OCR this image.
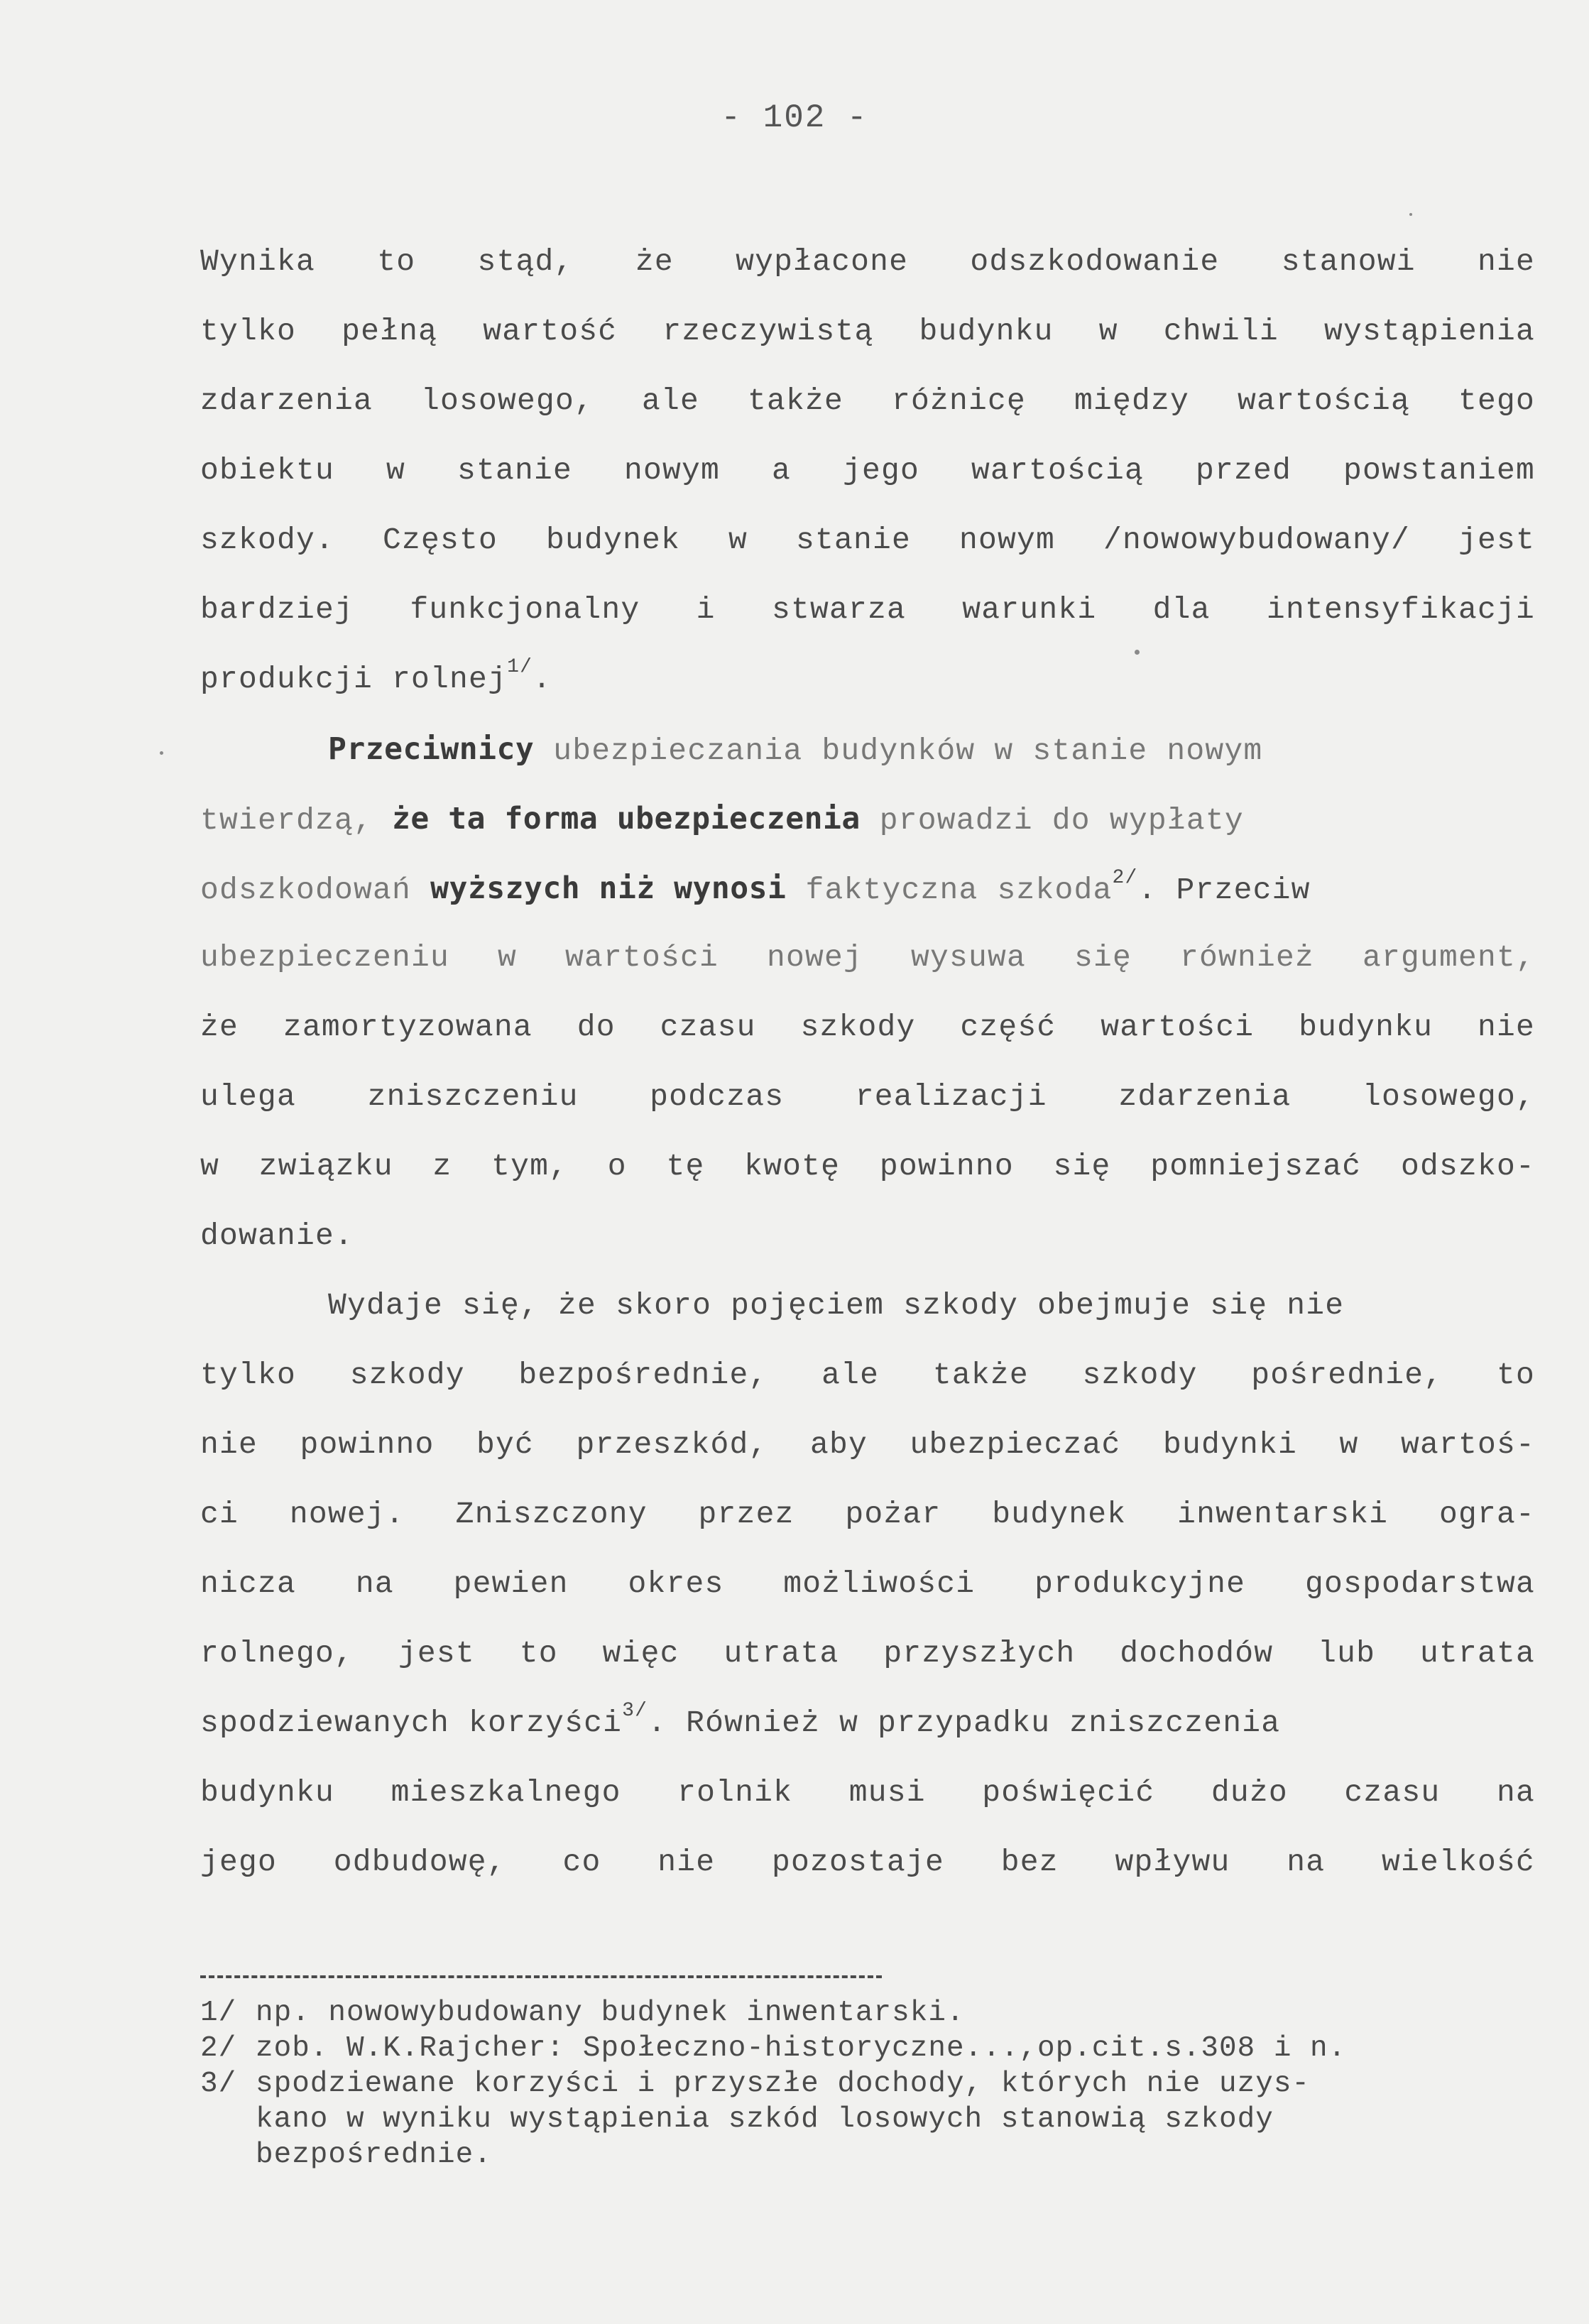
- 102 -

Wynika to stąd, że wypłacone odszkodowanie stanowi nie

tylko pełną wartość rzeczywistą budynku w chwili wystąpienia

zdarzenia losowego, ale także różnicę między wartością tego

obiektu w stanie nowym a jego wartością przed powstaniem

szkody. Często budynek w stanie nowym /nowowybudowany/ jest

bardziej funkcjonalny i stwarza warunki dla intensyfikacji

produkcji rolnej$^{1/}$.

Przeciwnicy ubezpieczania budynków w stanie nowym

twierdzą, że ta forma ubezpieczenia prowadzi do wypłaty

odszkodowań wyższych niż wynosi faktyczna szkoda$^{2/}$. Przeciw

ubezpieczeniu w wartości nowej wysuwa się również argument,

że zamortyzowana do czasu szkody część wartości budynku nie

ulega zniszczeniu podczas realizacji zdarzenia losowego,

w związku z tym, o tę kwotę powinno się pomniejszać odszko-

dowanie.

Wydaje się, że skoro pojęciem szkody obejmuje się nie

tylko szkody bezpośrednie, ale także szkody pośrednie, to

nie powinno być przeszkód, aby ubezpieczać budynki w wartoś-

ci nowej. Zniszczony przez pożar budynek inwentarski ogra-

nicza na pewien okres możliwości produkcyjne gospodarstwa

rolnego, jest to więc utrata przyszłych dochodów lub utrata

spodziewanych korzyści$^{3/}$. Również w przypadku zniszczenia

budynku mieszkalnego rolnik musi poświęcić dużo czasu na

jego odbudowę, co nie pozostaje bez wpływu na wielkość

1/ np. nowowybudowany budynek inwentarski.

2/ zob. W.K.Rajcher: Społeczno-historyczne...,op.cit.s.308 i n.

3/ spodziewane korzyści i przyszłe dochody, których nie uzys-

kano w wyniku wystąpienia szkód losowych stanowią szkody

bezpośrednie.
